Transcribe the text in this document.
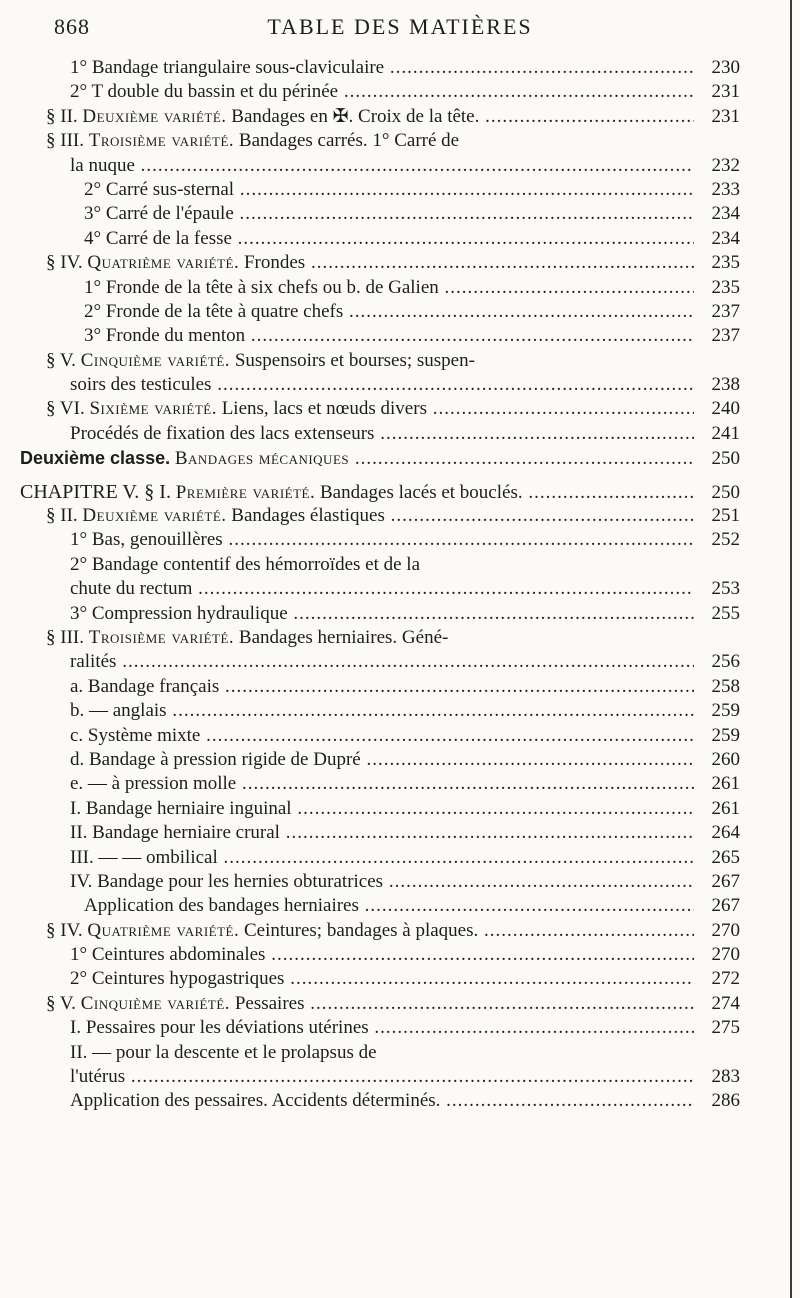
868	TABLE DES MATIÈRES
1° Bandage triangulaire sous-claviculaire .....	230
2° T double du bassin et du périnée .....	231
§ II. Deuxième variété. Bandages en ✠. Croix de la tête. .....	231
§ III. Troisième variété. Bandages carrés. 1° Carré de
la nuque .....	232
2° Carré sus-sternal .....	233
3° Carré de l'épaule .....	234
4° Carré de la fesse .....	234
§ IV. Quatrième variété. Frondes .....	235
1° Fronde de la tête à six chefs ou b. de Galien .....	235
2° Fronde de la tête à quatre chefs .....	237
3° Fronde du menton .....	237
§ V. Cinquième variété. Suspensoirs et bourses; suspen-
soirs des testicules .....	238
§ VI. Sixième variété. Liens, lacs et nœuds divers .....	240
Procédés de fixation des lacs extenseurs .....	241
Deuxième classe. Bandages mécaniques .....	250
CHAPITRE V. § I. Première variété. Bandages lacés et bouclés. .....	250
§ II. Deuxième variété. Bandages élastiques .....	251
1° Bas, genouillères .....	252
2° Bandage contentif des hémorroïdes et de la
chute du rectum .....	253
3° Compression hydraulique .....	255
§ III. Troisième variété. Bandages herniaires. Géné-
ralités .....	256
a. Bandage français .....	258
b. — anglais .....	259
c. Système mixte .....	259
d. Bandage à pression rigide de Dupré .....	260
e. — à pression molle .....	261
I. Bandage herniaire inguinal .....	261
II. Bandage herniaire crural .....	264
III. — — ombilical .....	265
IV. Bandage pour les hernies obturatrices .....	267
Application des bandages herniaires .....	267
§ IV. Quatrième variété. Ceintures; bandages à plaques. .....	270
1° Ceintures abdominales .....	270
2° Ceintures hypogastriques .....	272
§ V. Cinquième variété. Pessaires .....	274
I. Pessaires pour les déviations utérines .....	275
II. — pour la descente et le prolapsus de
l'utérus .....	283
Application des pessaires. Accidents déterminés. .....	286
